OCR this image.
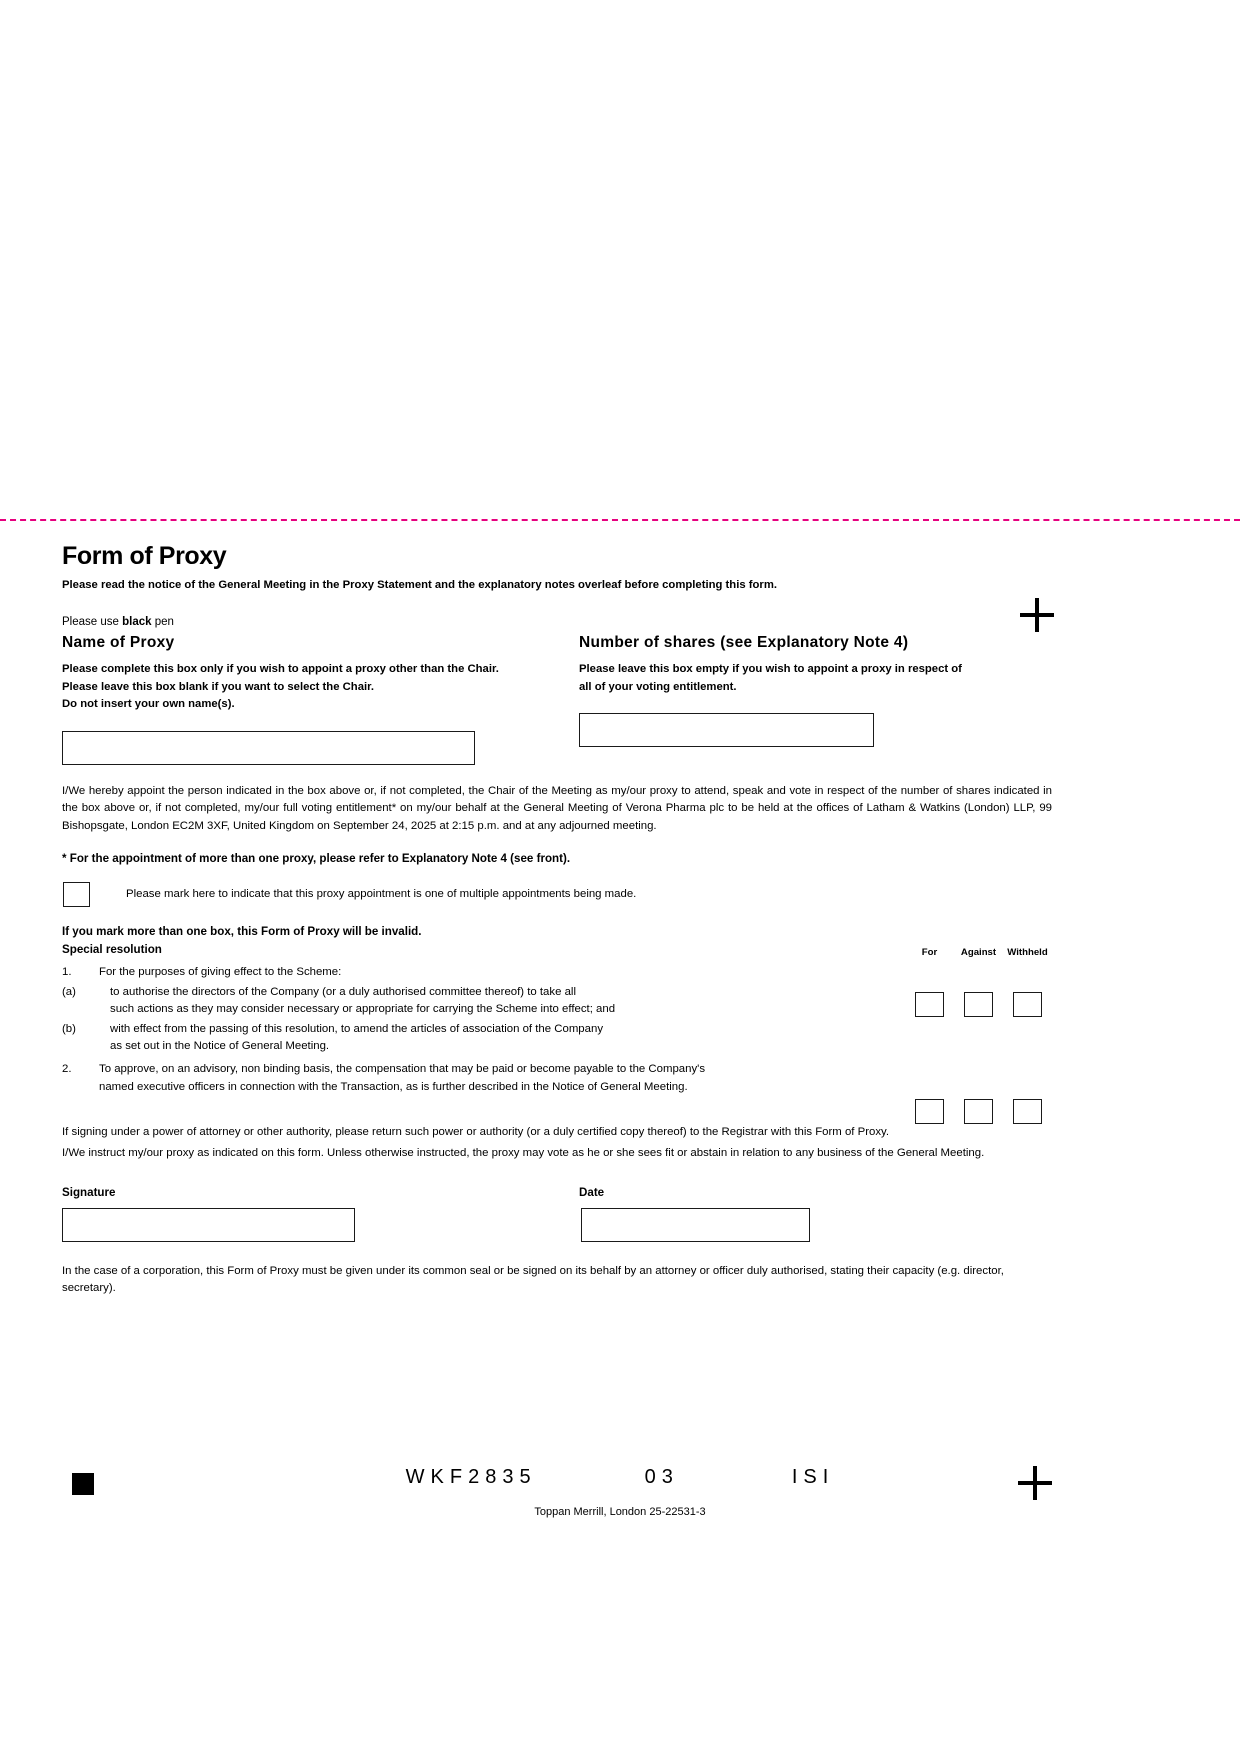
Form of Proxy

Please read the notice of the General Meeting in the Proxy Statement and the explanatory notes overleaf before completing this form.

Please use black pen

Name of Proxy
Please complete this box only if you wish to appoint a proxy other than the Chair.
Please leave this box blank if you want to select the Chair.
Do not insert your own name(s).
Number of shares (see Explanatory Note 4)
Please leave this box empty if you wish to appoint a proxy in respect of
all of your voting entitlement.

I/We hereby appoint the person indicated in the box above or, if not completed, the Chair of the Meeting as my/our proxy to attend, speak and vote in respect of the number of shares indicated in the box above or, if not completed, my/our full voting entitlement* on my/our behalf at the General Meeting of Verona Pharma plc to be held at the offices of Latham & Watkins (London) LLP, 99 Bishopsgate, London EC2M 3XF, United Kingdom on September 24, 2025 at 2:15 p.m. and at any adjourned meeting.

* For the appointment of more than one proxy, please refer to Explanatory Note 4 (see front).

Please mark here to indicate that this proxy appointment is one of multiple appointments being made.

If you mark more than one box, this Form of Proxy will be invalid.

Special resolution	For	Against	Withheld
1.	For the purposes of giving effect to the Scheme:
(a)	to authorise the directors of the Company (or a duly authorised committee thereof) to take all
such actions as they may consider necessary or appropriate for carrying the Scheme into effect; and
(b)	with effect from the passing of this resolution, to amend the articles of association of the Company
as set out in the Notice of General Meeting.
2.	To approve, on an advisory, non binding basis, the compensation that may be paid or become payable to the Company's
named executive officers in connection with the Transaction, as is further described in the Notice of General Meeting.

If signing under a power of attorney or other authority, please return such power or authority (or a duly certified copy thereof) to the Registrar with this Form of Proxy.

I/We instruct my/our proxy as indicated on this form. Unless otherwise instructed, the proxy may vote as he or she sees fit or abstain in relation to any business of the General Meeting.

Signature	Date

In the case of a corporation, this Form of Proxy must be given under its common seal or be signed on its behalf by an attorney or officer duly authorised, stating their capacity (e.g. director, secretary).

WKF2835	03	ISI
Toppan Merrill, London 25-22531-3
